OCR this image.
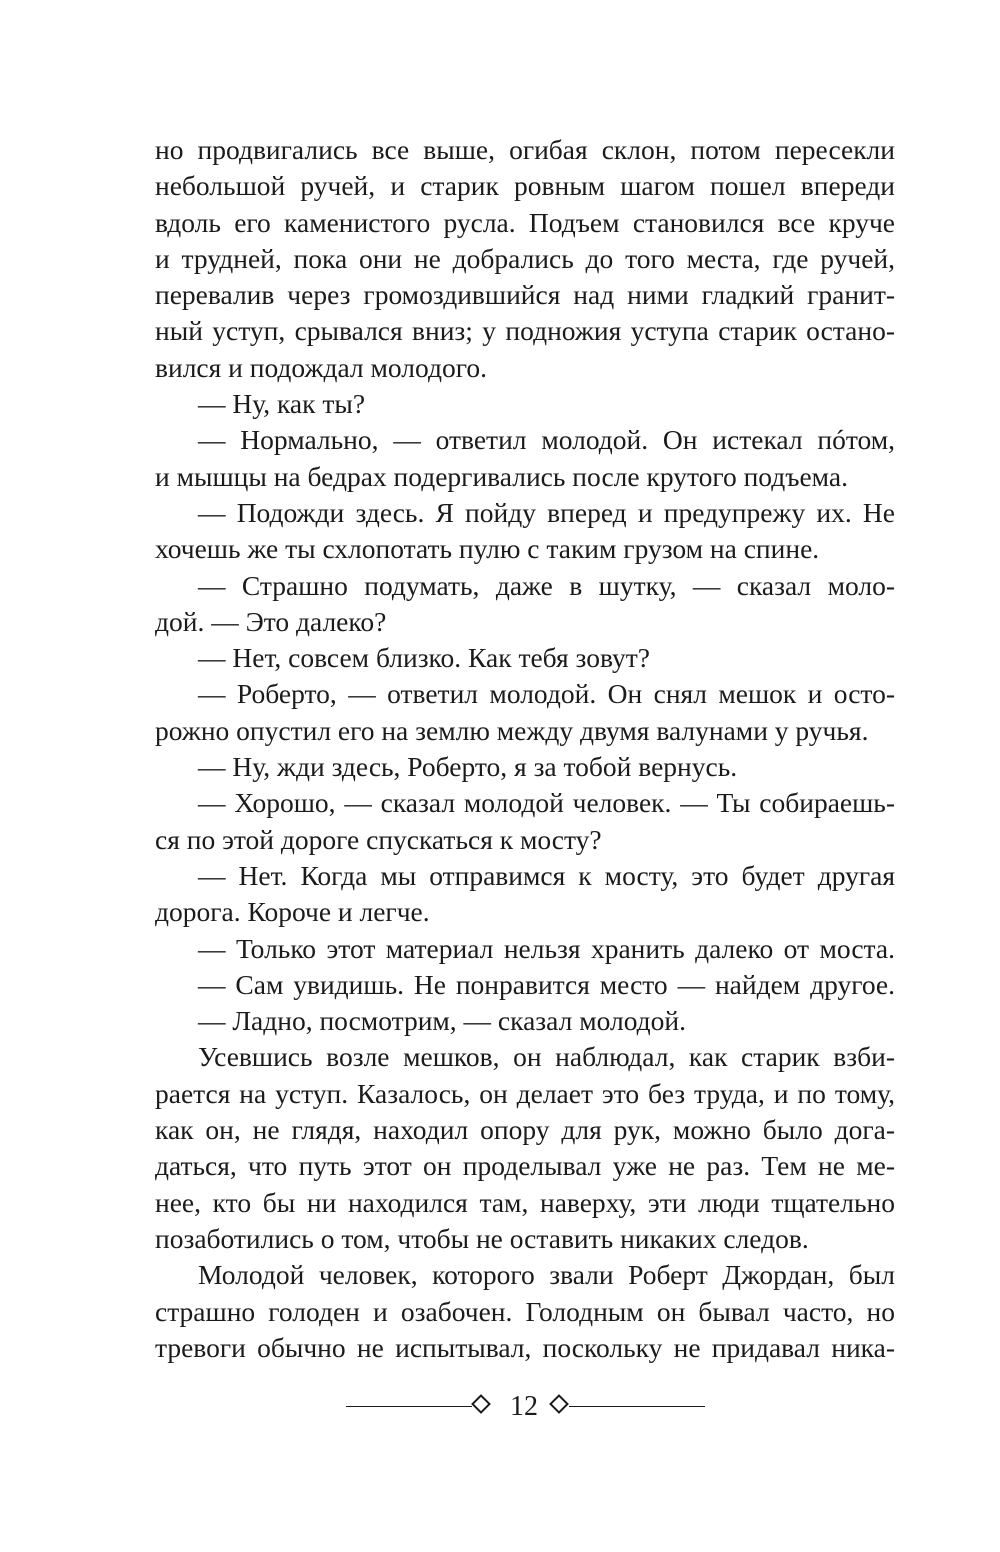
но продвигались все выше, огибая склон, потом пересекли
небольшой ручей, и старик ровным шагом пошел впереди
вдоль его каменистого русла. Подъем становился все круче
и трудней, пока они не добрались до того места, где ручей,
перевалив через громоздившийся над ними гладкий гранит-
ный уступ, срывался вниз; у подножия уступа старик остано-
вился и подождал молодого.
— Ну, как ты?
— Нормально, — ответил молодой. Он истекал пóтом,
и мышцы на бедрах подергивались после крутого подъема.
— Подожди здесь. Я пойду вперед и предупрежу их. Не
хочешь же ты схлопотать пулю с таким грузом на спине.
— Страшно подумать, даже в шутку, — сказал моло-
дой. — Это далеко?
— Нет, совсем близко. Как тебя зовут?
— Роберто, — ответил молодой. Он снял мешок и осто-
рожно опустил его на землю между двумя валунами у ручья.
— Ну, жди здесь, Роберто, я за тобой вернусь.
— Хорошо, — сказал молодой человек. — Ты собираешь-
ся по этой дороге спускаться к мосту?
— Нет. Когда мы отправимся к мосту, это будет другая
дорога. Короче и легче.
— Только этот материал нельзя хранить далеко от моста.
— Сам увидишь. Не понравится место — найдем другое.
— Ладно, посмотрим, — сказал молодой.
Усевшись возле мешков, он наблюдал, как старик взби-
рается на уступ. Казалось, он делает это без труда, и по тому,
как он, не глядя, находил опору для рук, можно было дога-
даться, что путь этот он проделывал уже не раз. Тем не ме-
нее, кто бы ни находился там, наверху, эти люди тщательно
позаботились о том, чтобы не оставить никаких следов.
Молодой человек, которого звали Роберт Джордан, был
страшно голоден и озабочен. Голодным он бывал часто, но
тревоги обычно не испытывал, поскольку не придавал ника-
12
